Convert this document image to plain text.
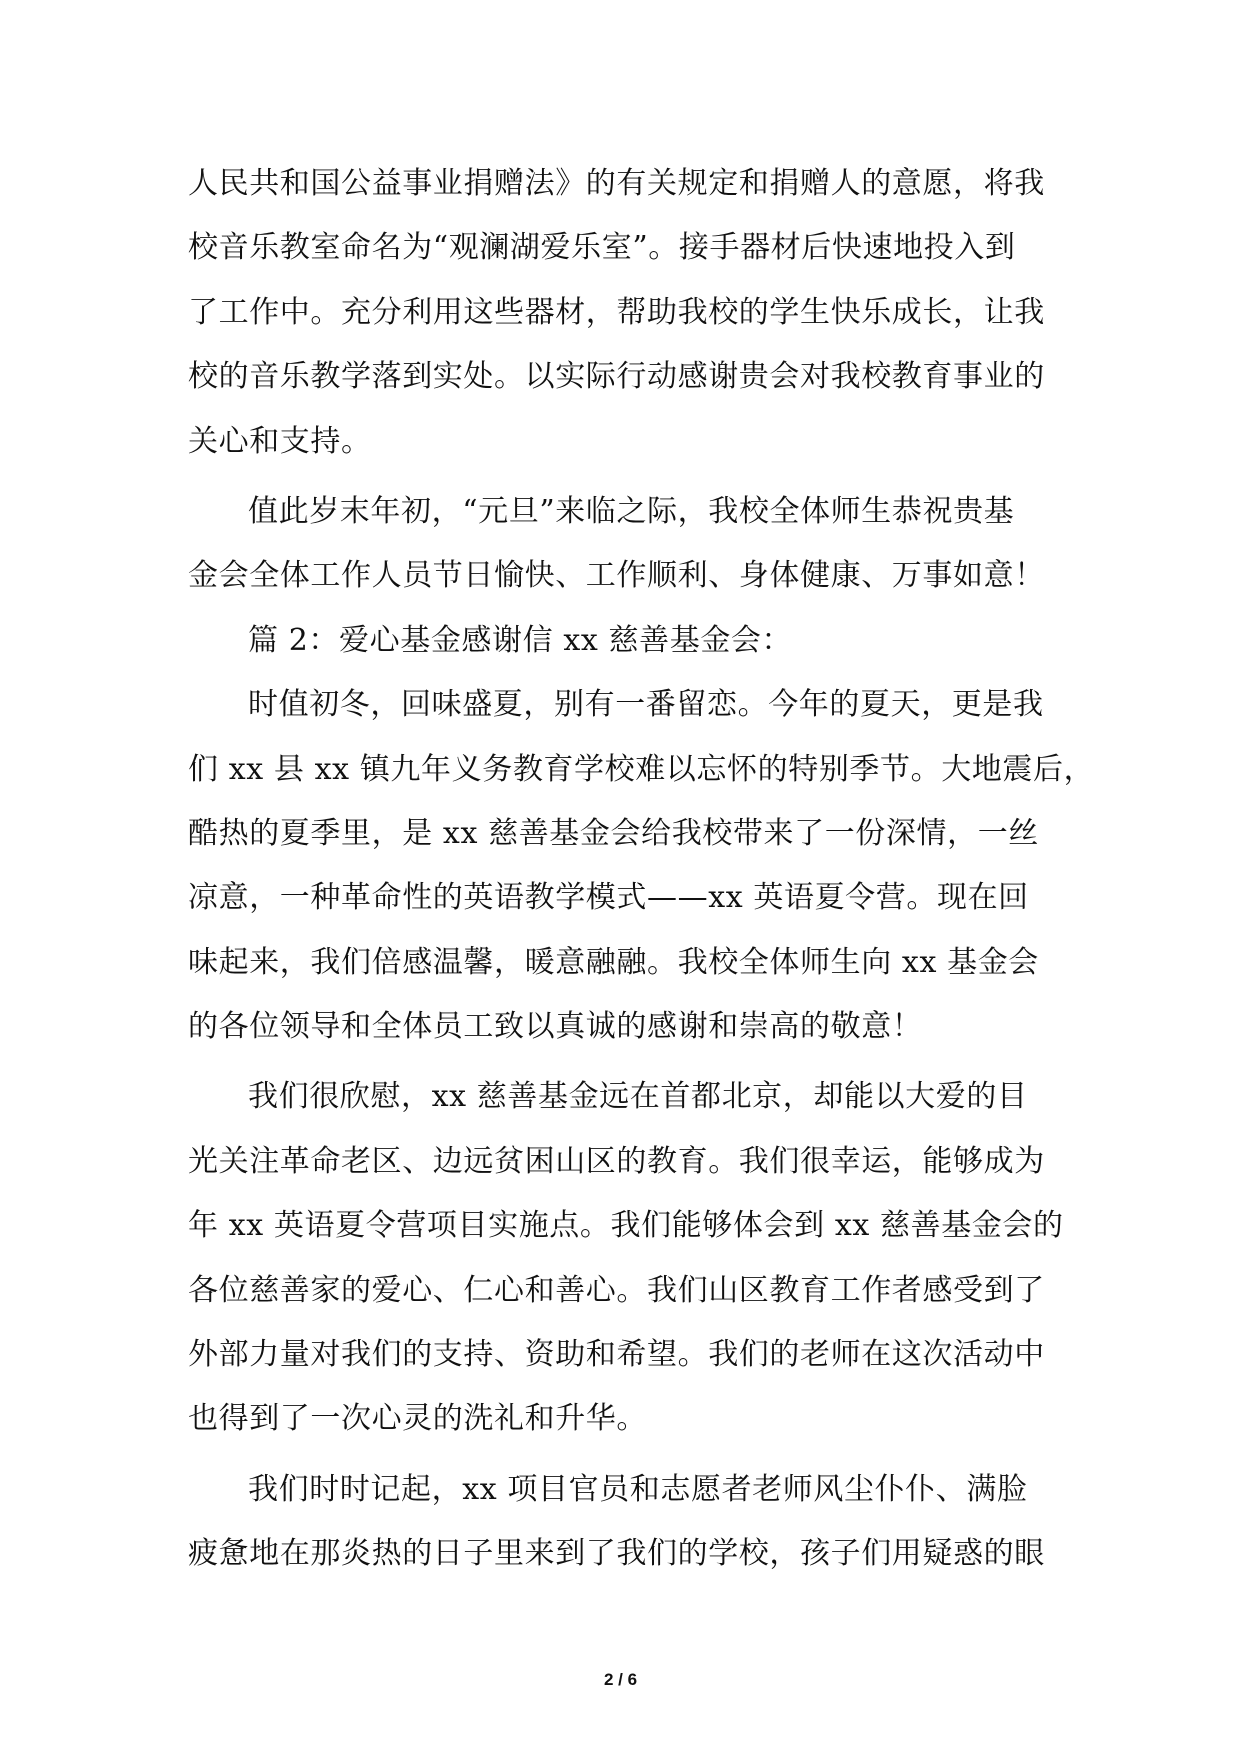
人民共和国公益事业捐赠法》的有关规定和捐赠人的意愿，将我
校音乐教室命名为“观澜湖爱乐室”。接手器材后快速地投入到
了工作中。充分利用这些器材，帮助我校的学生快乐成长，让我
校的音乐教学落到实处。以实际行动感谢贵会对我校教育事业的
关心和支持。
值此岁末年初，“元旦”来临之际，我校全体师生恭祝贵基
金会全体工作人员节日愉快、工作顺利、身体健康、万事如意！
篇 2：爱心基金感谢信 xx 慈善基金会：
时值初冬，回味盛夏，别有一番留恋。今年的夏天，更是我
们 xx 县 xx 镇九年义务教育学校难以忘怀的特别季节。大地震后，
酷热的夏季里，是 xx 慈善基金会给我校带来了一份深情，一丝
凉意，一种革命性的英语教学模式——xx 英语夏令营。现在回
味起来，我们倍感温馨，暖意融融。我校全体师生向 xx 基金会
的各位领导和全体员工致以真诚的感谢和崇高的敬意！
我们很欣慰，xx 慈善基金远在首都北京，却能以大爱的目
光关注革命老区、边远贫困山区的教育。我们很幸运，能够成为
年 xx 英语夏令营项目实施点。我们能够体会到 xx 慈善基金会的
各位慈善家的爱心、仁心和善心。我们山区教育工作者感受到了
外部力量对我们的支持、资助和希望。我们的老师在这次活动中
也得到了一次心灵的洗礼和升华。
我们时时记起，xx 项目官员和志愿者老师风尘仆仆、满脸
疲惫地在那炎热的日子里来到了我们的学校，孩子们用疑惑的眼
2 / 6
